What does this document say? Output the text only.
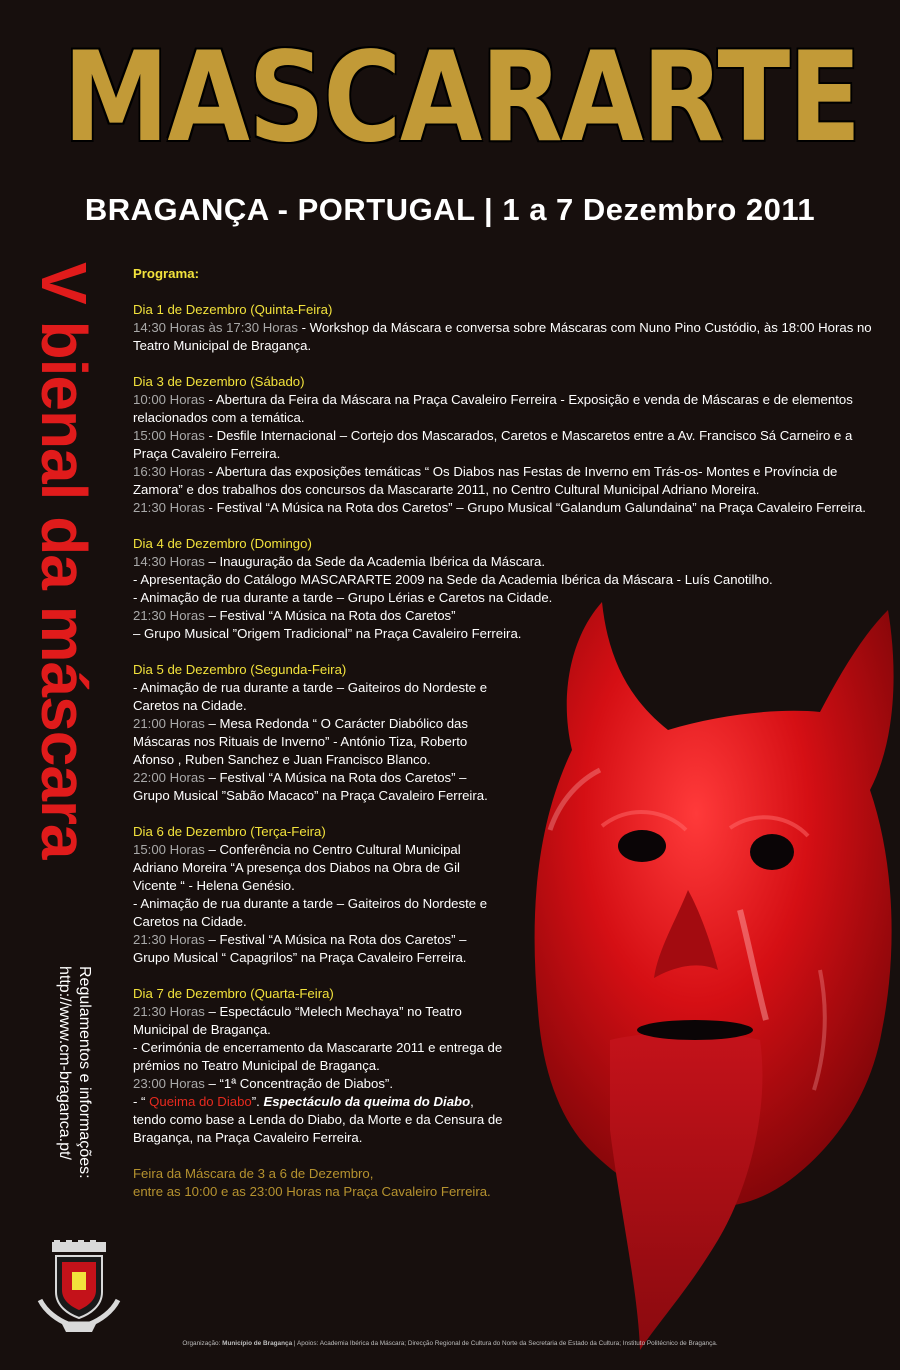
MASCARARTE
BRAGANÇA - PORTUGAL | 1 a 7 Dezembro 2011
V bienal da máscara
Regulamentos e informações:
http://www.cm-braganca.pt/
Programa:
Dia 1 de Dezembro (Quinta-Feira)
14:30 Horas às 17:30 Horas - Workshop da Máscara e conversa sobre Máscaras com Nuno Pino Custódio, às 18:00 Horas no Teatro Municipal de Bragança.
Dia 3 de Dezembro (Sábado)
10:00 Horas - Abertura da Feira da Máscara na Praça Cavaleiro Ferreira - Exposição e venda de Máscaras e de elementos relacionados com a temática.
15:00 Horas - Desfile Internacional – Cortejo dos Mascarados, Caretos e Mascaretos entre a Av. Francisco Sá Carneiro e a Praça Cavaleiro Ferreira.
16:30 Horas - Abertura das exposições temáticas “ Os Diabos nas Festas de Inverno em Trás-os- Montes e Província de Zamora” e dos trabalhos dos concursos da Mascararte 2011, no Centro Cultural Municipal Adriano Moreira.
21:30 Horas - Festival “A Música na Rota dos Caretos” – Grupo Musical “Galandum Galundaina” na Praça Cavaleiro Ferreira.
Dia 4 de Dezembro (Domingo)
14:30 Horas – Inauguração da Sede da Academia Ibérica da Máscara.
- Apresentação do Catálogo MASCARARTE 2009 na Sede da Academia Ibérica da Máscara - Luís Canotilho.
- Animação de rua durante a tarde – Grupo Lérias e Caretos na Cidade.
21:30 Horas – Festival “A Música na Rota dos Caretos”
– Grupo Musical ”Origem Tradicional” na Praça Cavaleiro Ferreira.
Dia 5 de Dezembro (Segunda-Feira)
- Animação de rua durante a tarde – Gaiteiros do Nordeste e Caretos na Cidade.
21:00 Horas – Mesa Redonda “ O Carácter Diabólico das Máscaras nos Rituais de Inverno” - António Tiza, Roberto Afonso , Ruben Sanchez e Juan Francisco Blanco.
22:00 Horas – Festival “A Música na Rota dos Caretos” – Grupo Musical ”Sabão Macaco” na Praça Cavaleiro Ferreira.
Dia 6 de Dezembro (Terça-Feira)
15:00 Horas – Conferência no Centro Cultural Municipal Adriano Moreira “A presença dos Diabos na Obra de Gil Vicente “ - Helena Genésio.
- Animação de rua durante a tarde – Gaiteiros do Nordeste e Caretos na Cidade.
21:30 Horas – Festival “A Música na Rota dos Caretos” – Grupo Musical “ Capagrilos” na Praça Cavaleiro Ferreira.
Dia 7 de Dezembro (Quarta-Feira)
21:30 Horas – Espectáculo “Melech Mechaya” no Teatro Municipal de Bragança.
- Cerimónia de encerramento da Mascararte 2011 e entrega de prémios no Teatro Municipal de Bragança.
23:00 Horas – “1ª Concentração de Diabos”.
- “ Queima do Diabo”. Espectáculo da queima do Diabo, tendo como base a Lenda do Diabo, da Morte e da Censura de Bragança, na Praça Cavaleiro Ferreira.
Feira da Máscara de 3 a 6 de Dezembro,
entre as 10:00 e as 23:00 Horas na Praça Cavaleiro Ferreira.
Organização: Município de Bragança | Apoios: Academia Ibérica da Máscara; Direcção Regional de Cultura do Norte da Secretaria de Estado da Cultura; Instituto Politécnico de Bragança.
